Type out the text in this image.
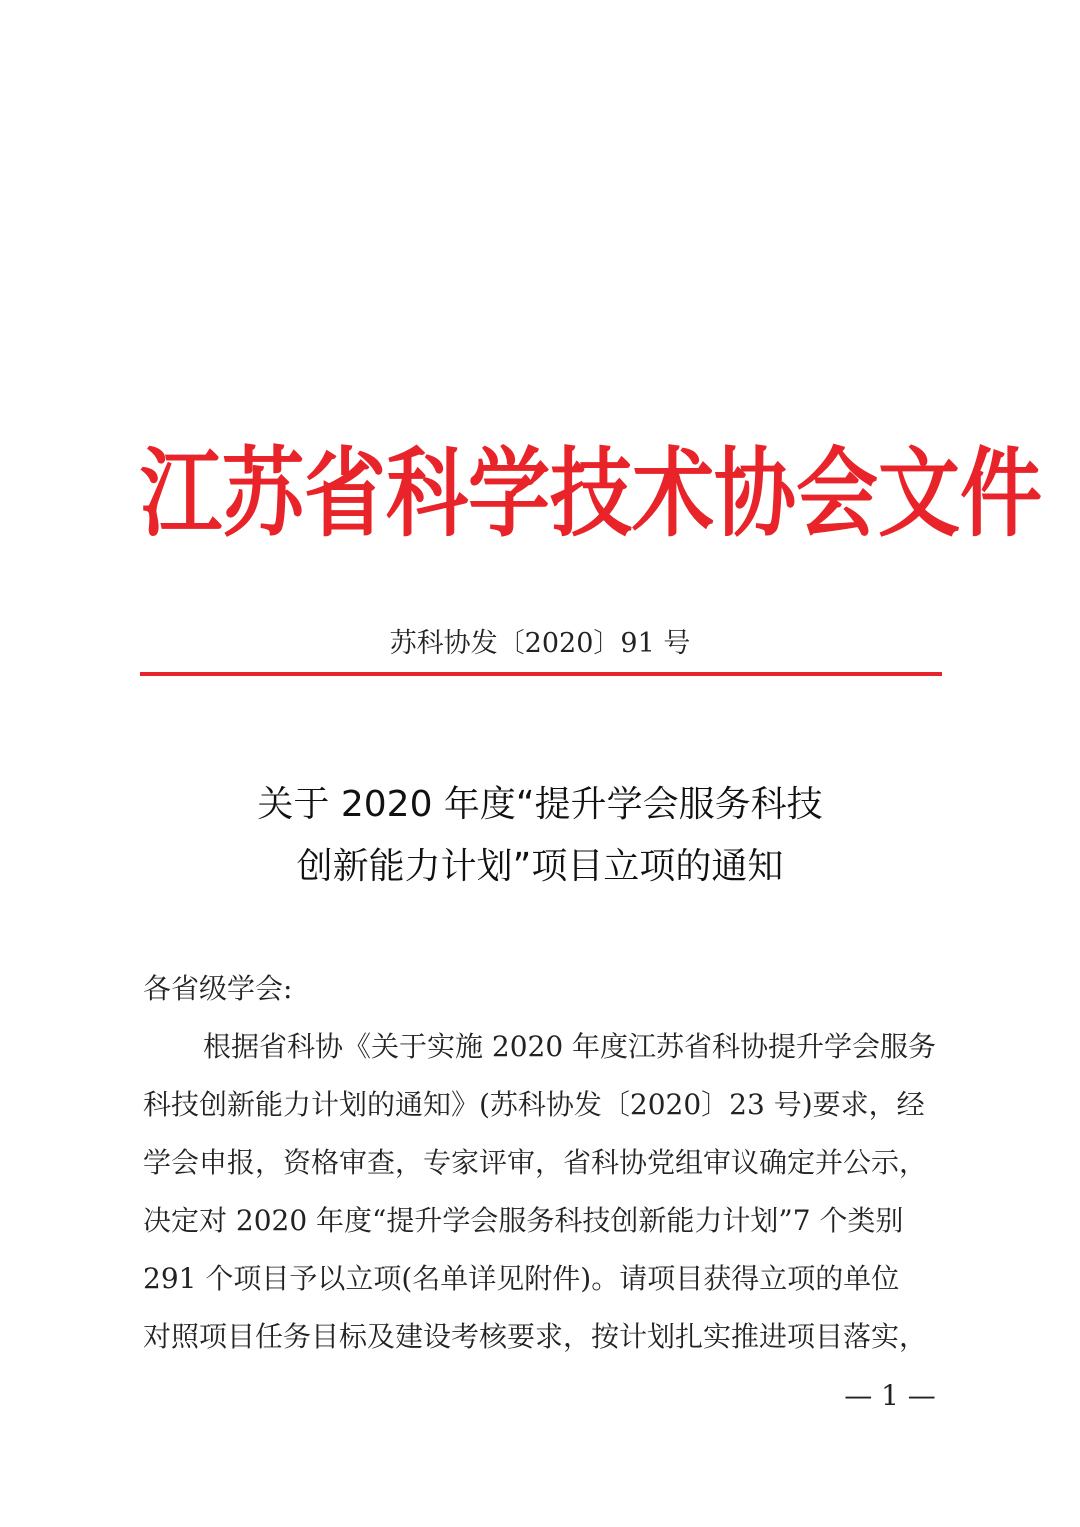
江苏省科学技术协会文件
苏科协发〔2020〕91 号
关于 2020 年度“提升学会服务科技
创新能力计划”项目立项的通知
各省级学会:
根据省科协《关于实施 2020 年度江苏省科协提升学会服务
科技创新能力计划的通知》(苏科协发〔2020〕23 号)要求，经
学会申报，资格审查，专家评审，省科协党组审议确定并公示，
决定对 2020 年度“提升学会服务科技创新能力计划”7 个类别
291 个项目予以立项(名单详见附件)。请项目获得立项的单位
对照项目任务目标及建设考核要求，按计划扎实推进项目落实，
— 1 —
